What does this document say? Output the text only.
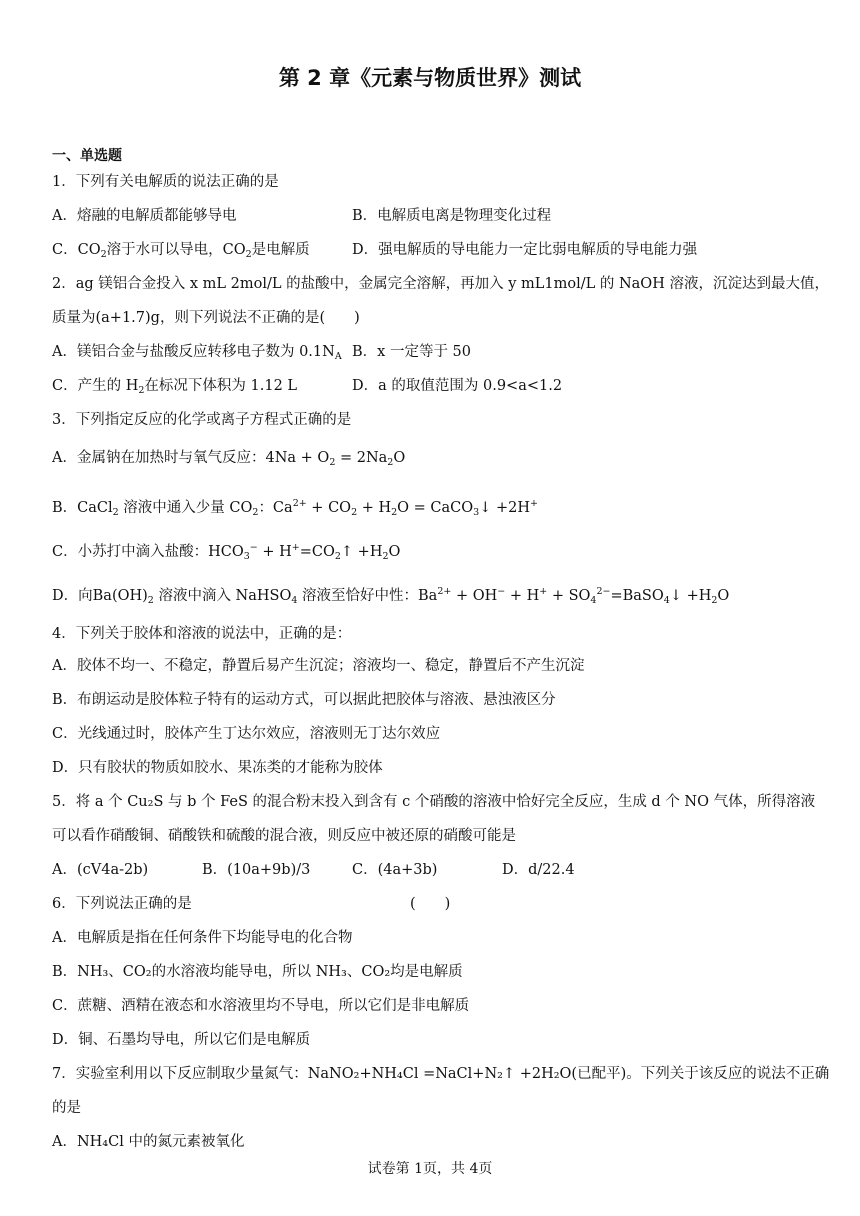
第 2 章《元素与物质世界》测试
一、单选题
1．下列有关电解质的说法正确的是
A．熔融的电解质都能够导电	B．电解质电离是物理变化过程
C．$CO_2$溶于水可以导电，$CO_2$是电解质	D．强电解质的导电能力一定比弱电解质的导电能力强
2．ag 镁铝合金投入 x mL 2mol/L 的盐酸中，金属完全溶解，再加入 y mL1mol/L 的 NaOH 溶液，沉淀达到最大值，
质量为(a+1.7)g，则下列说法不正确的是(　　)
A．镁铝合金与盐酸反应转移电子数为 $0.1N_A$ B．x 一定等于 50
C．产生的 $H_2$在标况下体积为 1.12 L	D．a 的取值范围为 0.9<a<1.2
3．下列指定反应的化学或离子方程式正确的是
A．金属钠在加热时与氧气反应：$4Na + O_2 = 2Na_2O$
B．CaCl$_2$ 溶液中通入少量 $CO_2$：$Ca^{2+} + CO_2 + H_2O$ = CaCO$_3$↓ +2H+
C．小苏打中滴入盐酸：$HCO_3^-$ + $H^+=CO_2↑ +H_2O$
D．向$Ba(OH)_2$ 溶液中滴入 NaHSO$_4$ 溶液至恰好中性：$Ba^{2+} + OH^- + H^+$ + $SO_4^{2-}=BaSO_4↓ +H_2O$
4．下列关于胶体和溶液的说法中，正确的是：
A．胶体不均一、不稳定，静置后易产生沉淀；溶液均一、稳定，静置后不产生沉淀
B．布朗运动是胶体粒子特有的运动方式，可以据此把胶体与溶液、悬浊液区分
C．光线通过时，胶体产生丁达尔效应，溶液则无丁达尔效应
D．只有胶状的物质如胶水、果冻类的才能称为胶体
5．将 a 个 Cu₂S 与 b 个 FeS 的混合粉末投入到含有 c 个硝酸的溶液中恰好完全反应，生成 d 个 NO 气体，所得溶液
可以看作硝酸铜、硝酸铁和硫酸的混合液，则反应中被还原的硝酸可能是
A．(cV4a-2b)	B．(10a+9b)/3	C．(4a+3b)	D．d/22.4
6．下列说法正确的是	(　　)
A．电解质是指在任何条件下均能导电的化合物
B．NH₃、CO₂的水溶液均能导电，所以 NH₃、CO₂均是电解质
C．蔗糖、酒精在液态和水溶液里均不导电，所以它们是非电解质
D．铜、石墨均导电，所以它们是电解质
7．实验室利用以下反应制取少量氮气：NaNO₂+NH₄Cl =NaCl+N₂↑ +2H₂O(已配平)。下列关于该反应的说法不正确
的是
A．NH₄Cl 中的氮元素被氧化
试卷第 1页，共 4页
